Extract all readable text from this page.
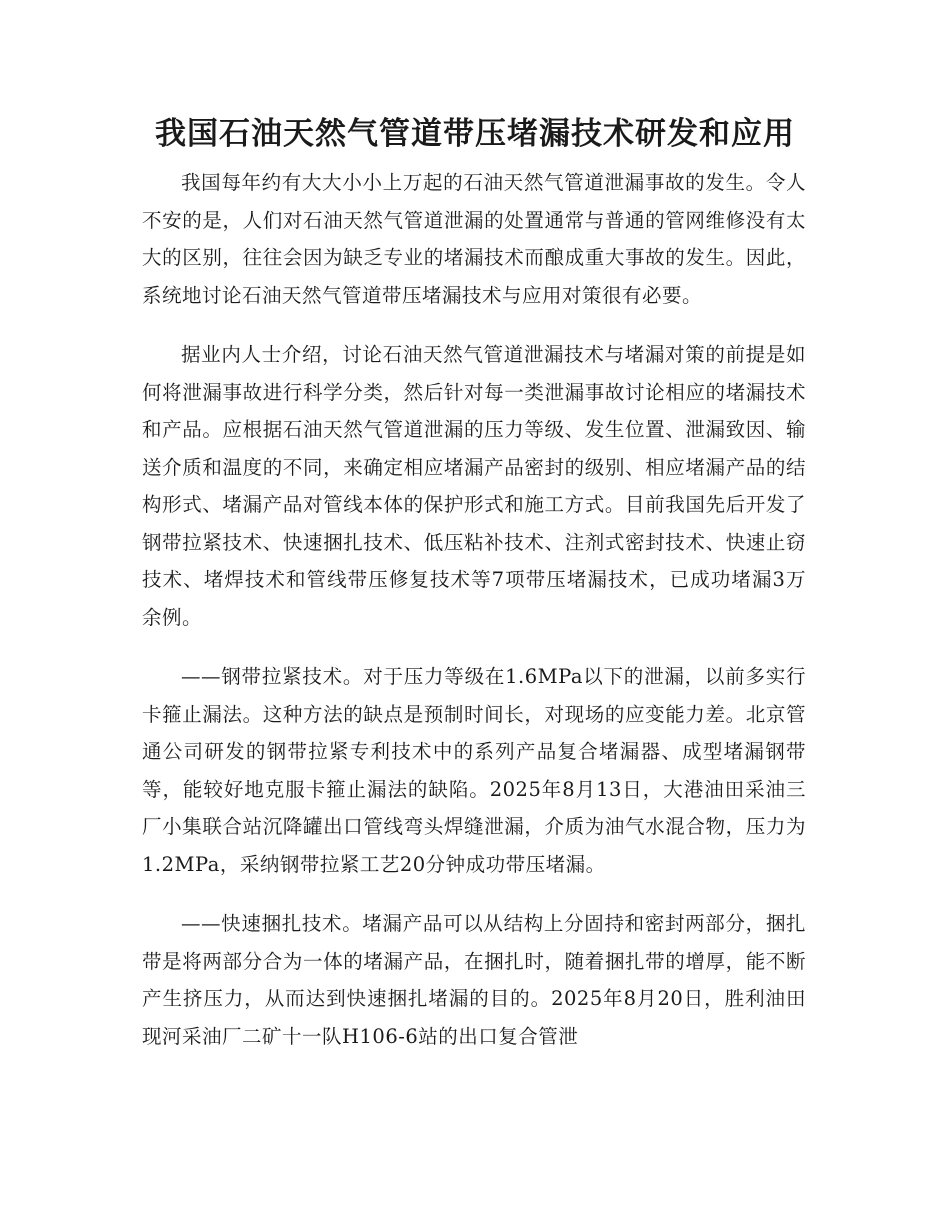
我国石油天然气管道带压堵漏技术研发和应用

我国每年约有大大小小上万起的石油天然气管道泄漏事故的发生。令人不安的是，人们对石油天然气管道泄漏的处置通常与普通的管网维修没有太大的区别，往往会因为缺乏专业的堵漏技术而酿成重大事故的发生。因此，系统地讨论石油天然气管道带压堵漏技术与应用对策很有必要。

据业内人士介绍，讨论石油天然气管道泄漏技术与堵漏对策的前提是如何将泄漏事故进行科学分类，然后针对每一类泄漏事故讨论相应的堵漏技术和产品。应根据石油天然气管道泄漏的压力等级、发生位置、泄漏致因、输送介质和温度的不同，来确定相应堵漏产品密封的级别、相应堵漏产品的结构形式、堵漏产品对管线本体的保护形式和施工方式。目前我国先后开发了钢带拉紧技术、快速捆扎技术、低压粘补技术、注剂式密封技术、快速止窃技术、堵焊技术和管线带压修复技术等7项带压堵漏技术，已成功堵漏3万余例。

——钢带拉紧技术。对于压力等级在1.6MPa以下的泄漏，以前多实行卡箍止漏法。这种方法的缺点是预制时间长，对现场的应变能力差。北京管通公司研发的钢带拉紧专利技术中的系列产品复合堵漏器、成型堵漏钢带等，能较好地克服卡箍止漏法的缺陷。2025年8月13日，大港油田采油三厂小集联合站沉降罐出口管线弯头焊缝泄漏，介质为油气水混合物，压力为1.2MPa，采纳钢带拉紧工艺20分钟成功带压堵漏。

——快速捆扎技术。堵漏产品可以从结构上分固持和密封两部分，捆扎带是将两部分合为一体的堵漏产品，在捆扎时，随着捆扎带的增厚，能不断产生挤压力，从而达到快速捆扎堵漏的目的。2025年8月20日，胜利油田现河采油厂二矿十一队H106-6站的出口复合管泄
